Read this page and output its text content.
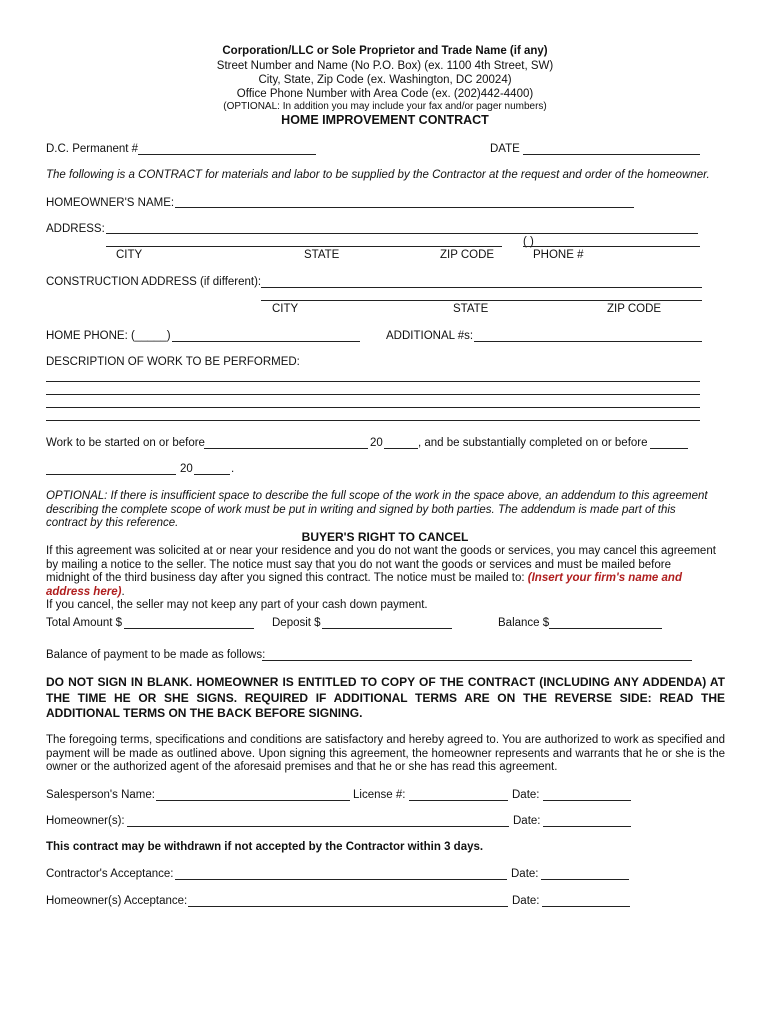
Corporation/LLC or Sole Proprietor and Trade Name (if any)
Street Number and Name (No P.O. Box) (ex. 1100 4th Street, SW)
City, State, Zip Code (ex. Washington, DC 20024)
Office Phone Number with Area Code (ex. (202)442-4400)
(OPTIONAL: In addition you may include your fax and/or pager numbers)
HOME IMPROVEMENT CONTRACT
D.C. Permanent #	DATE
The following is a CONTRACT for materials and labor to be supplied by the Contractor at the request and order of the homeowner.
HOMEOWNER'S NAME:
ADDRESS:
( )
CITY	STATE	ZIP CODE	PHONE #
CONSTRUCTION ADDRESS (if different):
CITY	STATE	ZIP CODE
HOME PHONE: (_____)	ADDITIONAL #s:
DESCRIPTION OF WORK TO BE PERFORMED:
Work to be started on or before	20	, and be substantially completed on or before
20	.
OPTIONAL: If there is insufficient space to describe the full scope of the work in the space above, an addendum to this agreement describing the complete scope of work must be put in writing and signed by both parties. The addendum is made part of this contract by this reference.
BUYER'S RIGHT TO CANCEL
If this agreement was solicited at or near your residence and you do not want the goods or services, you may cancel this agreement by mailing a notice to the seller. The notice must say that you do not want the goods or services and must be mailed before midnight of the third business day after you signed this contract. The notice must be mailed to: (Insert your firm's name and address here).
If you cancel, the seller may not keep any part of your cash down payment.
Total Amount $	Deposit $	Balance $
Balance of payment to be made as follows:
DO NOT SIGN IN BLANK. HOMEOWNER IS ENTITLED TO COPY OF THE CONTRACT (INCLUDING ANY ADDENDA) AT THE TIME HE OR SHE SIGNS. REQUIRED IF ADDITIONAL TERMS ARE ON THE REVERSE SIDE: READ THE ADDITIONAL TERMS ON THE BACK BEFORE SIGNING.
The foregoing terms, specifications and conditions are satisfactory and hereby agreed to. You are authorized to work as specified and payment will be made as outlined above. Upon signing this agreement, the homeowner represents and warrants that he or she is the owner or the authorized agent of the aforesaid premises and that he or she has read this agreement.
Salesperson's Name:	License #:	Date:
Homeowner(s):	Date:
This contract may be withdrawn if not accepted by the Contractor within 3 days.
Contractor's Acceptance:	Date:
Homeowner(s) Acceptance:	Date:
